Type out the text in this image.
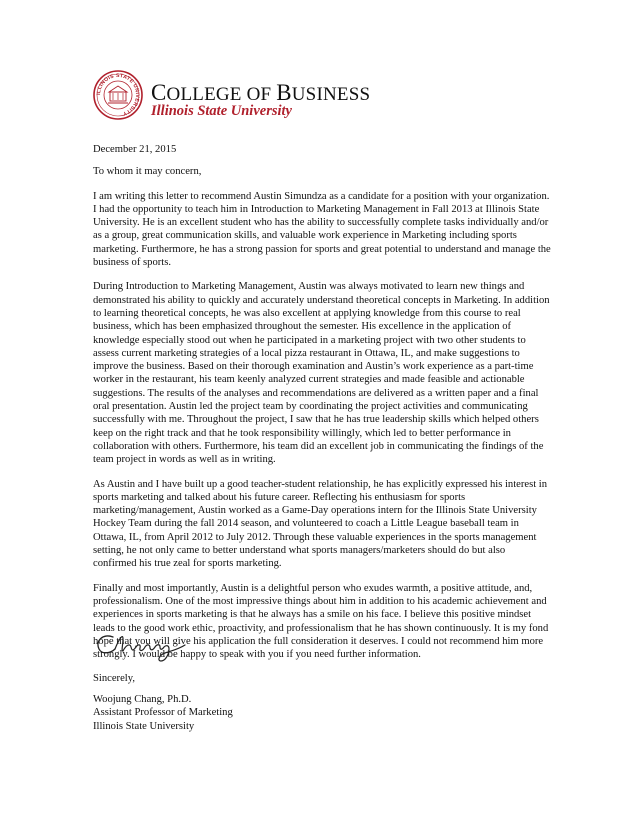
ILLINOIS STATE UNIVERSITY
COLLEGE OF BUSINESS
Illinois State University

December 21, 2015

To whom it may concern,

I am writing this letter to recommend Austin Simundza as a candidate for a position with your organization. I had the opportunity to teach him in Introduction to Marketing Management in Fall 2013 at Illinois State University. He is an excellent student who has the ability to successfully complete tasks individually and/or as a group, great communication skills, and valuable work experience in Marketing including sports marketing. Furthermore, he has a strong passion for sports and great potential to understand and manage the business of sports.

During Introduction to Marketing Management, Austin was always motivated to learn new things and demonstrated his ability to quickly and accurately understand theoretical concepts in Marketing. In addition to learning theoretical concepts, he was also excellent at applying knowledge from this course to real business, which has been emphasized throughout the semester. His excellence in the application of knowledge especially stood out when he participated in a marketing project with two other students to assess current marketing strategies of a local pizza restaurant in Ottawa, IL, and make suggestions to improve the business. Based on their thorough examination and Austin’s work experience as a part-time worker in the restaurant, his team keenly analyzed current strategies and made feasible and actionable suggestions. The results of the analyses and recommendations are delivered as a written paper and a final oral presentation. Austin led the project team by coordinating the project activities and communicating successfully with me. Throughout the project, I saw that he has true leadership skills which helped others keep on the right track and that he took responsibility willingly, which led to better performance in collaboration with others. Furthermore, his team did an excellent job in communicating the findings of the team project in words as well as in writing.

As Austin and I have built up a good teacher-student relationship, he has explicitly expressed his interest in sports marketing and talked about his future career. Reflecting his enthusiasm for sports marketing/management, Austin worked as a Game-Day operations intern for the Illinois State University Hockey Team during the fall 2014 season, and volunteered to coach a Little League baseball team in Ottawa, IL, from April 2012 to July 2012. Through these valuable experiences in the sports management setting, he not only came to better understand what sports managers/marketers should do but also confirmed his true zeal for sports marketing.

Finally and most importantly, Austin is a delightful person who exudes warmth, a positive attitude, and, professionalism. One of the most impressive things about him in addition to his academic achievement and experiences in sports marketing is that he always has a smile on his face. I believe this positive mindset leads to the good work ethic, proactivity, and professionalism that he has shown continuously. It is my fond hope that you will give his application the full consideration it deserves. I could not recommend him more strongly. I would be happy to speak with you if you need further information.

Sincerely,

Woojung Chang, Ph.D.
Assistant Professor of Marketing
Illinois State University
